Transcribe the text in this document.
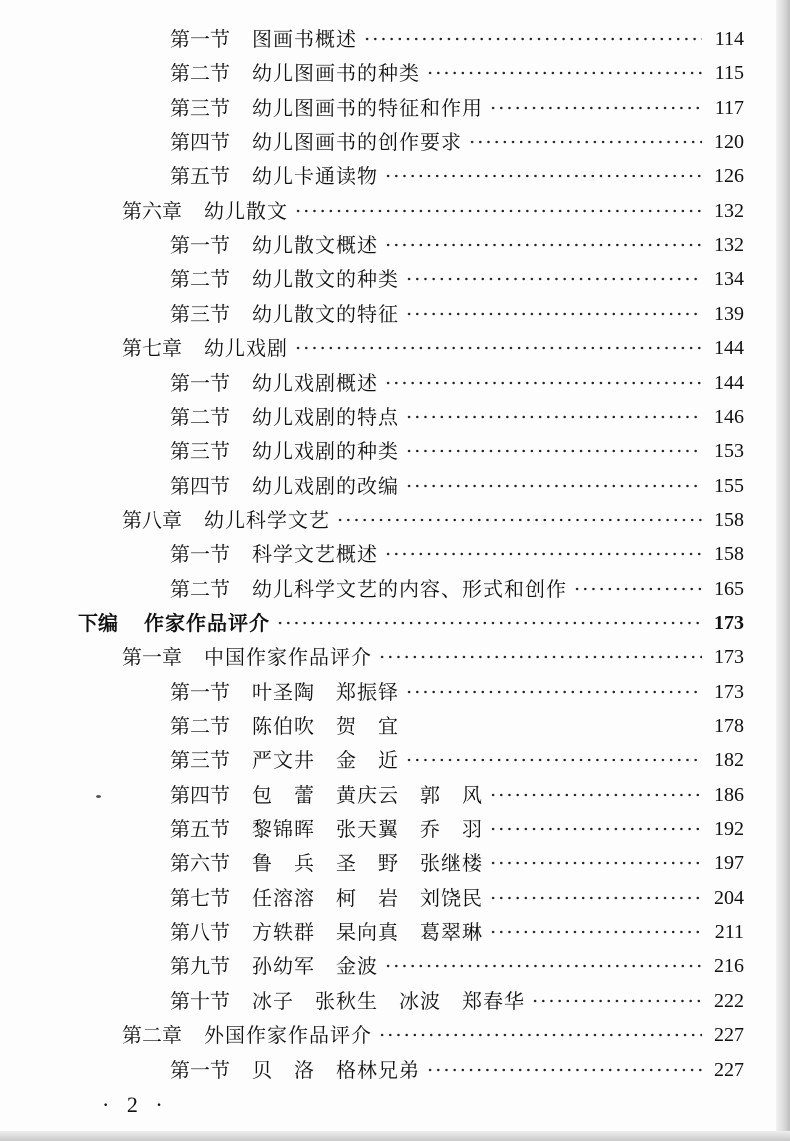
第一节 图画书概述	114
第二节 幼儿图画书的种类	115
第三节 幼儿图画书的特征和作用	117
第四节 幼儿图画书的创作要求	120
第五节 幼儿卡通读物	126
第六章 幼儿散文	132
第一节 幼儿散文概述	132
第二节 幼儿散文的种类	134
第三节 幼儿散文的特征	139
第七章 幼儿戏剧	144
第一节 幼儿戏剧概述	144
第二节 幼儿戏剧的特点	146
第三节 幼儿戏剧的种类	153
第四节 幼儿戏剧的改编	155
第八章 幼儿科学文艺	158
第一节 科学文艺概述	158
第二节 幼儿科学文艺的内容、形式和创作	165
下编 作家作品评介	173
第一章 中国作家作品评介	173
第一节 叶圣陶　郑振铎	173
第二节 陈伯吹　贺　宜	178
第三节 严文井　金　近	182
第四节 包　蕾　黄庆云　郭　风	186
第五节 黎锦晖　张天翼　乔　羽	192
第六节 鲁　兵　圣　野　张继楼	197
第七节 任溶溶　柯　岩　刘饶民	204
第八节 方轶群　杲向真　葛翠琳	211
第九节 孙幼军　金波	216
第十节 冰子　张秋生　冰波　郑春华	222
第二章 外国作家作品评介	227
第一节 贝　洛　格林兄弟	227
· 2 ·
